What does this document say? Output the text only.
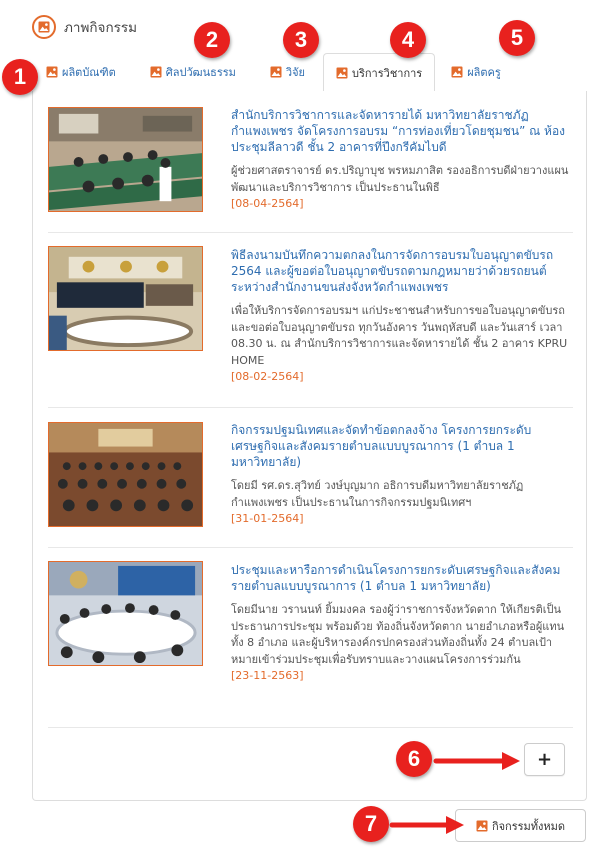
ภาพกิจกรรม
ผลิตบัณฑิต	ศิลปวัฒนธรรม	วิจัย	บริการวิชาการ	ผลิตครู
สำนักบริการวิชาการและจัดหารายได้ มหาวิทยาลัยราชภัฏกำแพงเพชร จัดโครงการอบรม “การท่องเที่ยวโดยชุมชน” ณ ห้องประชุมลีลาวดี ชั้น 2 อาคารที่ปึงกรีคัมไบดี
ผู้ช่วยศาสตราจารย์ ดร.ปริญาบุช พรหมภาสิต รองอธิการบดีฝ่ายวางแผนพัฒนาและบริการวิชาการ เป็นประธานในพิธี
[08-04-2564]
พิธีลงนามบันทึกความตกลงในการจัดการอบรมใบอนุญาตขับรถ 2564 และผู้ขอต่อใบอนุญาตขับรถตามกฎหมายว่าด้วยรถยนต์ระหว่างสำนักงานขนส่งจังหวัดกำแพงเพชร
เพื่อให้บริการจัดการอบรมฯ แก่ประชาชนสำหรับการขอใบอนุญาตขับรถและขอต่อใบอนุญาตขับรถ ทุกวันอังคาร วันพฤหัสบดี และวันเสาร์ เวลา 08.30 น. ณ สำนักบริการวิชาการและจัดหารายได้ ชั้น 2 อาคาร KPRU HOME
[08-02-2564]
กิจกรรมปฐมนิเทศและจัดทำข้อตกลงจ้าง โครงการยกระดับเศรษฐกิจและสังคมรายตำบลแบบบูรณาการ (1 ตำบล 1 มหาวิทยาลัย)
โดยมี รศ.ดร.สุวิทย์ วงษ์บุญมาก อธิการบดีมหาวิทยาลัยราชภัฏกำแพงเพชร เป็นประธานในการกิจกรรมปฐมนิเทศฯ
[31-01-2564]
ประชุมและหารือการดำเนินโครงการยกระดับเศรษฐกิจและสังคมรายตำบลแบบบูรณาการ (1 ตำบล 1 มหาวิทยาลัย)
โดยมีนาย วรานนท์ ยิ้มมงคล รองผู้ว่าราชการจังหวัดตาก ให้เกียรติเป็นประธานการประชุม พร้อมด้วย ท้องถิ่นจังหวัดตาก นายอำเภอหรือผู้แทนทั้ง 8 อำเภอ และผู้บริหารองค์กรปกครองส่วนท้องถิ่นทั้ง 24 ตำบลเป้าหมายเข้าร่วมประชุมเพื่อรับทราบและวางแผนโครงการร่วมกัน
[23-11-2563]
+
กิจกรรมทั้งหมด
1
2	3	4	5
6
7
